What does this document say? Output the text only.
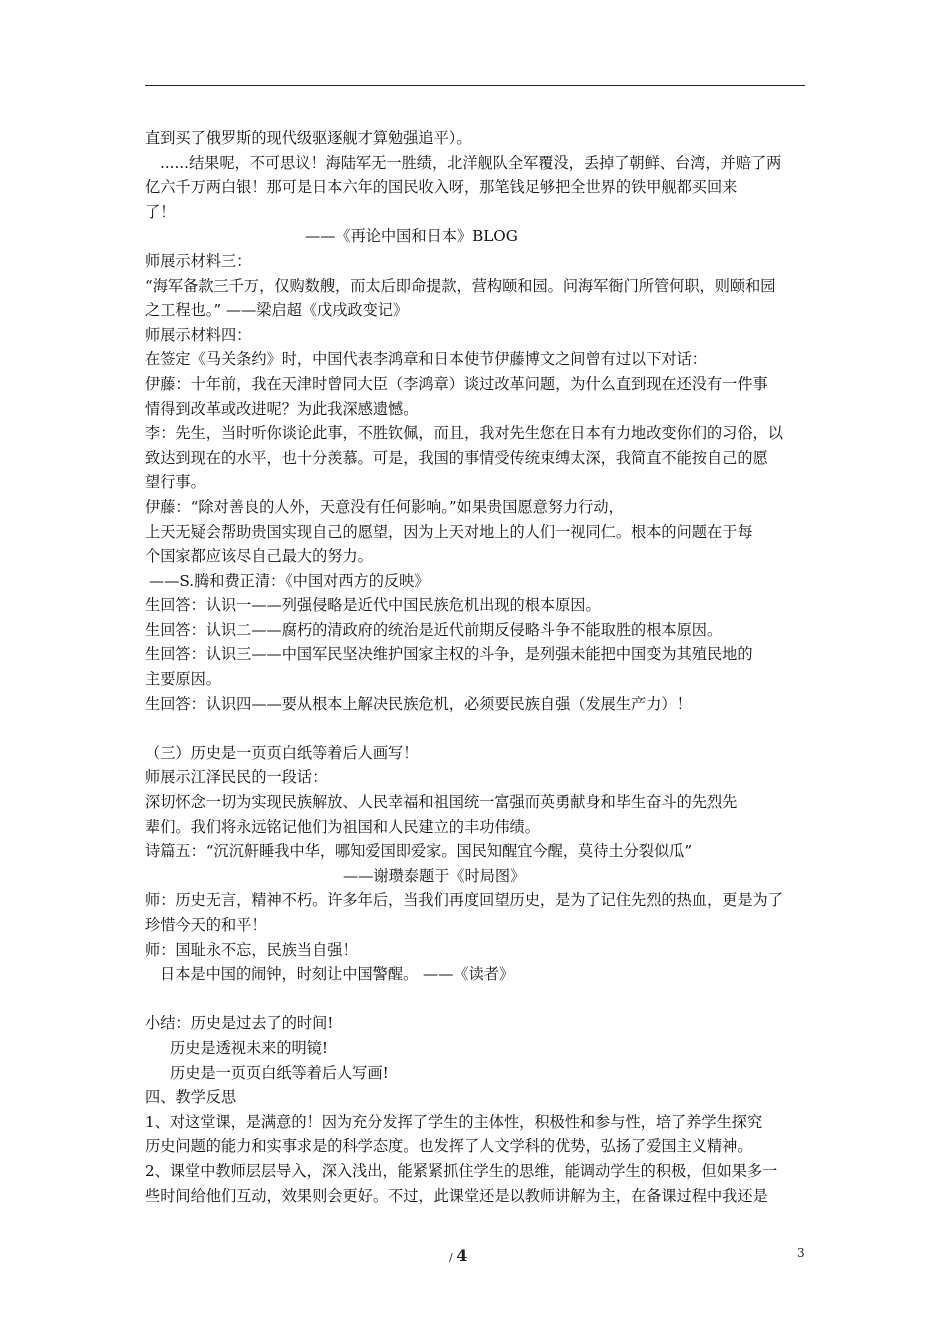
直到买了俄罗斯的现代级驱逐舰才算勉强追平）。
......结果呢，不可思议！海陆军无一胜绩，北洋舰队全军覆没，丢掉了朝鲜、台湾，并赔了两
亿六千万两白银！那可是日本六年的国民收入呀，那笔钱足够把全世界的铁甲舰都买回来
了！
——《再论中国和日本》BLOG
师展示材料三：
“海军备款三千万，仅购数艘，而太后即命提款，营构颐和园。问海军衙门所管何职，则颐和园
之工程也。” ——梁启超《戊戌政变记》
师展示材料四：
在签定《马关条约》时，中国代表李鸿章和日本使节伊藤博文之间曾有过以下对话：
伊藤：十年前，我在天津时曾同大臣（李鸿章）谈过改革问题，为什么直到现在还没有一件事
情得到改革或改进呢？为此我深感遗憾。
李：先生，当时听你谈论此事，不胜钦佩，而且，我对先生您在日本有力地改变你们的习俗，以
致达到现在的水平，也十分羡慕。可是，我国的事情受传统束缚太深，我简直不能按自己的愿
望行事。
伊藤：“除对善良的人外，天意没有任何影响。”如果贵国愿意努力行动，
上天无疑会帮助贵国实现自己的愿望，因为上天对地上的人们一视同仁。根本的问题在于每
个国家都应该尽自己最大的努力。
——S.腾和费正清：《中国对西方的反映》
生回答：认识一——列强侵略是近代中国民族危机出现的根本原因。
生回答：认识二——腐朽的清政府的统治是近代前期反侵略斗争不能取胜的根本原因。
生回答：认识三——中国军民坚决维护国家主权的斗争，是列强未能把中国变为其殖民地的
主要原因。
生回答：认识四——要从根本上解决民族危机，必须要民族自强（发展生产力）！
（三）历史是一页页白纸等着后人画写！
师展示江泽民民的一段话：
深切怀念一切为实现民族解放、人民幸福和祖国统一富强而英勇献身和毕生奋斗的先烈先
辈们。我们将永远铭记他们为祖国和人民建立的丰功伟绩。
诗篇五：“沉沉鼾睡我中华，哪知爱国即爱家。国民知醒宜今醒，莫待土分裂似瓜”
——谢瓒泰题于《时局图》
师：历史无言，精神不朽。许多年后，当我们再度回望历史，是为了记住先烈的热血，更是为了
珍惜今天的和平！
师：国耻永不忘，民族当自强！
日本是中国的闹钟，时刻让中国警醒。 ——《读者》
小结：历史是过去了的时间!
历史是透视未来的明镜!
历史是一页页白纸等着后人写画!
四、教学反思
1、对这堂课，是满意的！因为充分发挥了学生的主体性，积极性和参与性，培了养学生探究
历史问题的能力和实事求是的科学态度。也发挥了人文学科的优势，弘扬了爱国主义精神。
2、课堂中教师层层导入，深入浅出，能紧紧抓住学生的思维，能调动学生的积极，但如果多一
些时间给他们互动，效果则会更好。不过，此课堂还是以教师讲解为主，在备课过程中我还是
/ 4	3
